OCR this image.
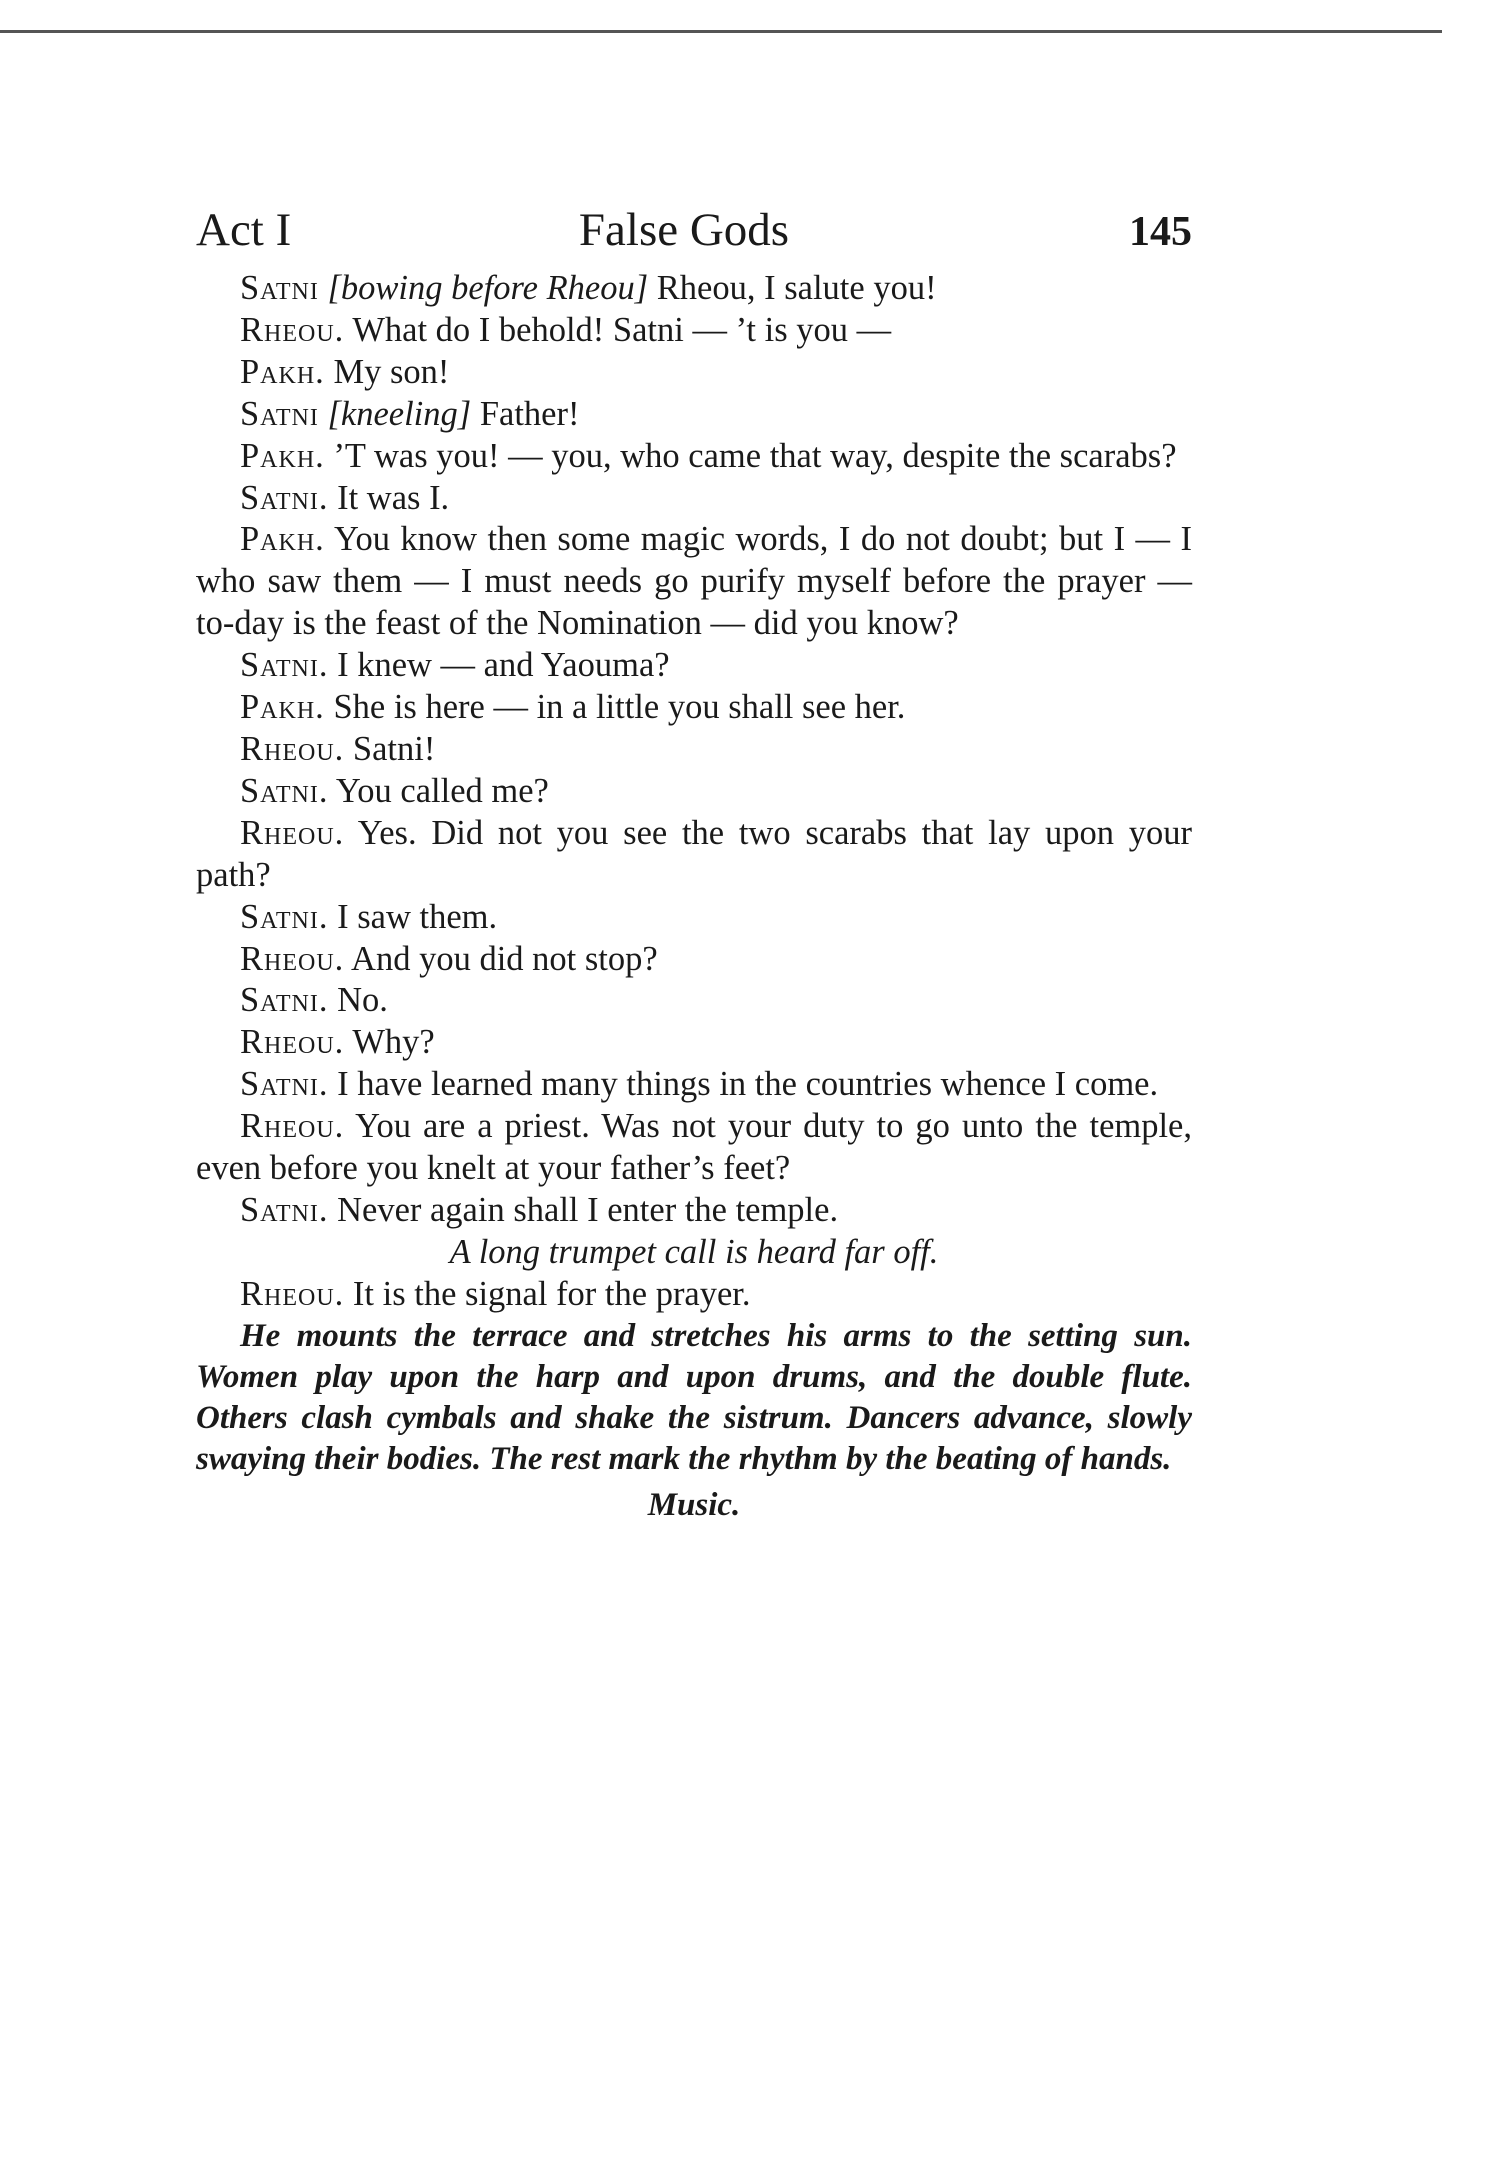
Act I	False Gods	145

Satni [bowing before Rheou] Rheou, I salute you!

Rheou. What do I behold! Satni — ’t is you —

Pakh. My son!

Satni [kneeling] Father!

Pakh. ’T was you! — you, who came that way, despite the scarabs?

Satni. It was I.

Pakh. You know then some magic words, I do not doubt; but I — I who saw them — I must needs go purify myself before the prayer — to-day is the feast of the Nomination — did you know?

Satni. I knew — and Yaouma?

Pakh. She is here — in a little you shall see her.

Rheou. Satni!

Satni. You called me?

Rheou. Yes. Did not you see the two scarabs that lay upon your path?

Satni. I saw them.

Rheou. And you did not stop?

Satni. No.

Rheou. Why?

Satni. I have learned many things in the countries whence I come.

Rheou. You are a priest. Was not your duty to go unto the temple, even before you knelt at your father’s feet?

Satni. Never again shall I enter the temple.

A long trumpet call is heard far off.

Rheou. It is the signal for the prayer.

He mounts the terrace and stretches his arms to the setting sun. Women play upon the harp and upon drums, and the double flute. Others clash cymbals and shake the sistrum. Dancers advance, slowly swaying their bodies. The rest mark the rhythm by the beating of hands.

Music.
